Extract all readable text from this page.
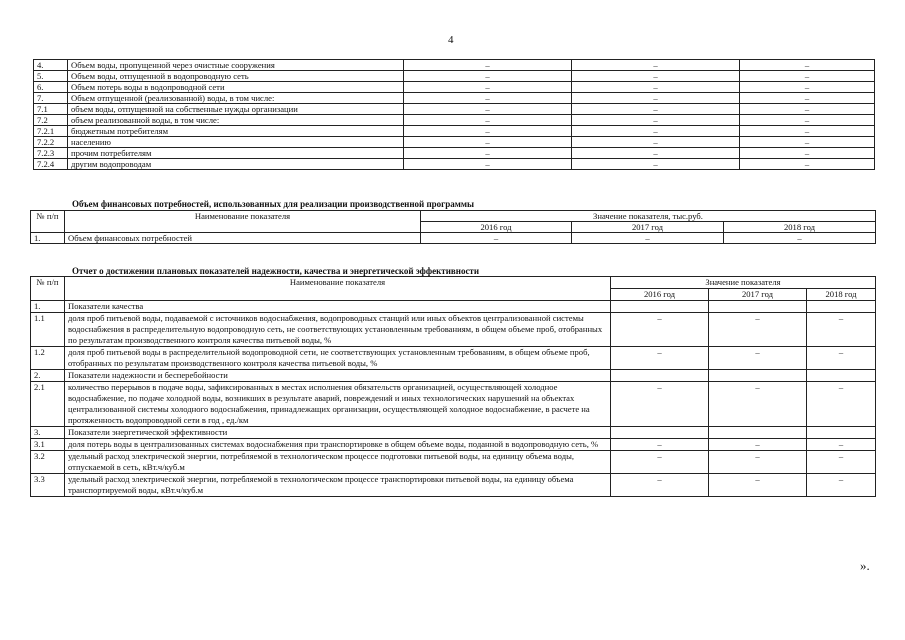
4
4.	Объем воды, пропущенной через очистные сооружения	–	–	–
5.	Объем воды, отпущенной в водопроводную сеть	–	–	–
6.	Объем потерь воды в водопроводной сети	–	–	–
7.	Объем отпущенной (реализованной) воды, в том числе:	–	–	–
7.1	объем воды, отпущенной на собственные нужды организации	–	–	–
7.2	объем реализованной воды, в том числе:	–	–	–
7.2.1	бюджетным потребителям	–	–	–
7.2.2	населению	–	–	–
7.2.3	прочим потребителям	–	–	–
7.2.4	другим водопроводам	–	–	–
Объем финансовых потребностей, использованных для реализации производственной программы
№ п/п	Наименование показателя	Значение показателя, тыс.руб.		
		2016 год	2017 год	2018 год
1.	Объем финансовых потребностей	–	–	–
Отчет о достижении плановых показателей надежности, качества и энергетической эффективности
№ п/п	Наименование показателя	Значение показателя		
		2016 год	2017 год	2018 год
1.	Показатели качества			
1.1	доля проб питьевой воды, подаваемой с источников водоснабжения, водопроводных станций или иных объектов централизованной системы водоснабжения в распределительную водопроводную сеть, не соответствующих установленным требованиям, в общем объеме проб, отобранных по результатам производственного контроля качества питьевой воды, %	–	–	–
1.2	доля проб питьевой воды в распределительной водопроводной сети, не соответствующих установленным требованиям, в общем объеме проб, отобранных по результатам производственного контроля качества питьевой воды, %	–	–	–
2.	Показатели надежности и бесперебойности			
2.1	количество перерывов в подаче воды, зафиксированных в местах исполнения обязательств организацией, осуществляющей холодное водоснабжение, по подаче холодной воды, возникших в результате аварий, повреждений и иных технологических нарушений на объектах централизованной системы холодного водоснабжения, принадлежащих организации, осуществляющей холодное водоснабжение, в расчете на протяженность водопроводной сети в год , ед./км	–	–	–
3.	Показатели энергетической эффективности			
3.1	доля потерь воды в централизованных системах водоснабжения при транспортировке в общем объеме воды, поданной в водопроводную сеть, %	–	–	–
3.2	удельный расход электрической энергии, потребляемой в технологическом процессе подготовки питьевой воды, на единицу объема воды, отпускаемой в сеть, кВт.ч/куб.м	–	–	–
3.3	удельный расход электрической энергии, потребляемой в технологическом процессе транспортировки питьевой воды, на единицу объема транспортируемой воды, кВт.ч/куб.м	–	–	–
».
